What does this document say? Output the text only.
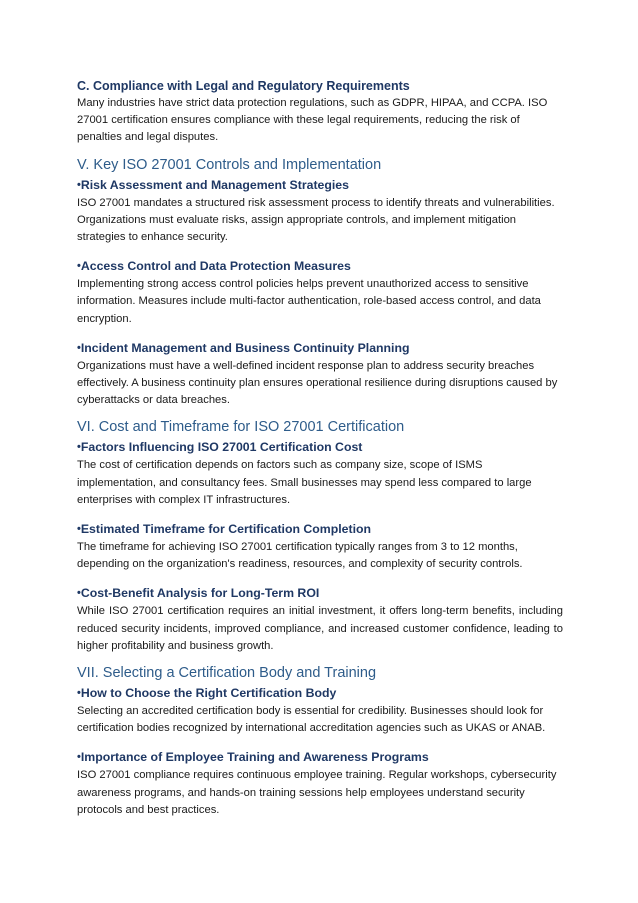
C. Compliance with Legal and Regulatory Requirements

Many industries have strict data protection regulations, such as GDPR, HIPAA, and CCPA. ISO 27001 certification ensures compliance with these legal requirements, reducing the risk of penalties and legal disputes.

V. Key ISO 27001 Controls and Implementation
•Risk Assessment and Management Strategies

ISO 27001 mandates a structured risk assessment process to identify threats and vulnerabilities. Organizations must evaluate risks, assign appropriate controls, and implement mitigation strategies to enhance security.

•Access Control and Data Protection Measures

Implementing strong access control policies helps prevent unauthorized access to sensitive information. Measures include multi-factor authentication, role-based access control, and data encryption.

•Incident Management and Business Continuity Planning

Organizations must have a well-defined incident response plan to address security breaches effectively. A business continuity plan ensures operational resilience during disruptions caused by cyberattacks or data breaches.

VI. Cost and Timeframe for ISO 27001 Certification
•Factors Influencing ISO 27001 Certification Cost

The cost of certification depends on factors such as company size, scope of ISMS implementation, and consultancy fees. Small businesses may spend less compared to large enterprises with complex IT infrastructures.

•Estimated Timeframe for Certification Completion

The timeframe for achieving ISO 27001 certification typically ranges from 3 to 12 months, depending on the organization's readiness, resources, and complexity of security controls.

•Cost-Benefit Analysis for Long-Term ROI

While ISO 27001 certification requires an initial investment, it offers long-term benefits, including reduced security incidents, improved compliance, and increased customer confidence, leading to higher profitability and business growth.

VII. Selecting a Certification Body and Training
•How to Choose the Right Certification Body

Selecting an accredited certification body is essential for credibility. Businesses should look for certification bodies recognized by international accreditation agencies such as UKAS or ANAB.

•Importance of Employee Training and Awareness Programs

ISO 27001 compliance requires continuous employee training. Regular workshops, cybersecurity awareness programs, and hands-on training sessions help employees understand security protocols and best practices.
